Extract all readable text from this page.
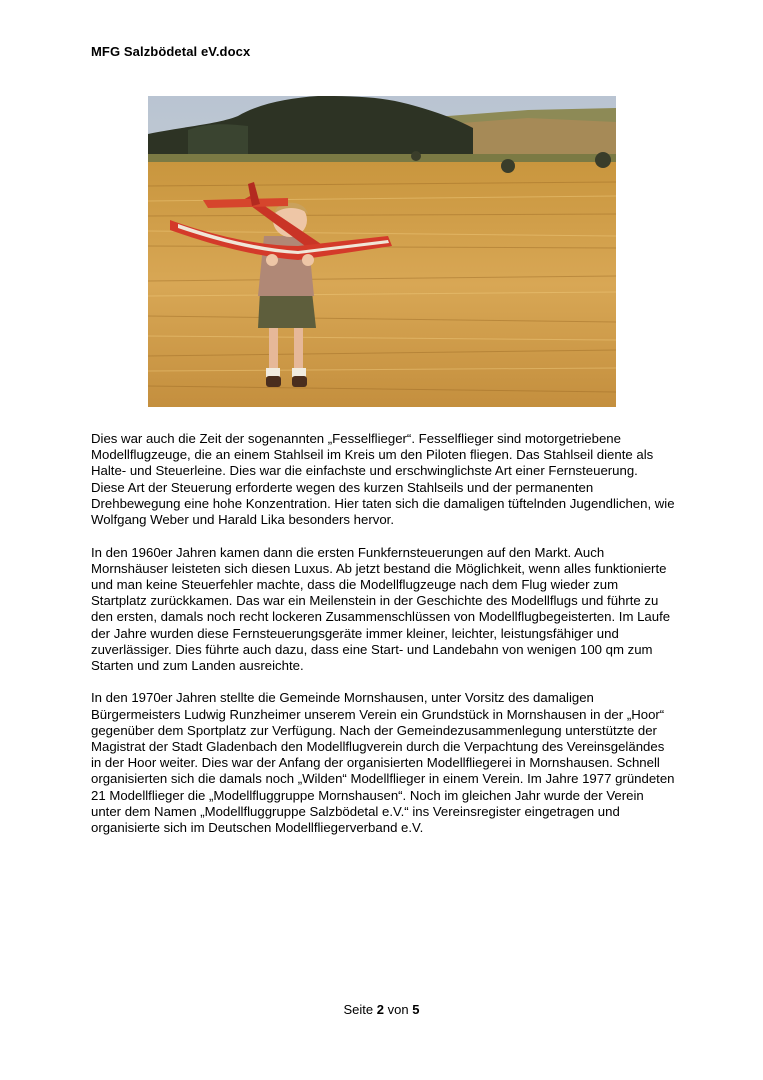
MFG Salzbödetal eV.docx

Dies war auch die Zeit der sogenannten „Fesselflieger“. Fesselflieger sind motorgetriebene Modellflugzeuge, die an einem Stahlseil im Kreis um den Piloten fliegen. Das Stahlseil diente als Halte- und Steuerleine. Dies war die einfachste und erschwinglichste Art einer Fernsteuerung. Diese Art der Steuerung erforderte wegen des kurzen Stahlseils und der permanenten Drehbewegung eine hohe Konzentration. Hier taten sich die damaligen tüftelnden Jugendlichen, wie Wolfgang Weber und Harald Lika besonders hervor.

In den 1960er Jahren kamen dann die ersten Funkfernsteuerungen auf den Markt. Auch Mornshäuser leisteten sich diesen Luxus. Ab jetzt bestand die Möglichkeit, wenn alles funktionierte und man keine Steuerfehler machte, dass die Modellflugzeuge nach dem Flug wieder zum Startplatz zurückkamen. Das war ein Meilenstein in der Geschichte des Modellflugs und führte zu den ersten, damals noch recht lockeren Zusammenschlüssen von Modellflugbegeisterten. Im Laufe der Jahre wurden diese Fernsteuerungsgeräte immer kleiner, leichter, leistungsfähiger und zuverlässiger. Dies führte auch dazu, dass eine Start- und Landebahn von wenigen 100 qm zum Starten und zum Landen ausreichte.

In den 1970er Jahren stellte die Gemeinde Mornshausen, unter Vorsitz des damaligen Bürgermeisters Ludwig Runzheimer unserem Verein ein Grundstück in Mornshausen in der „Hoor“ gegenüber dem Sportplatz zur Verfügung. Nach der Gemeindezusammenlegung unterstützte der Magistrat der Stadt Gladenbach den Modellflugverein durch die Verpachtung des Vereinsgeländes in der Hoor weiter. Dies war der Anfang der organisierten Modellfliegerei in Mornshausen. Schnell organisierten sich die damals noch „Wilden“ Modellflieger in einem Verein. Im Jahre 1977 gründeten 21 Modellflieger die „Modellfluggruppe Mornshausen“. Noch im gleichen Jahr wurde der Verein unter dem Namen „Modellfluggruppe Salzbödetal e.V.“ ins Vereinsregister eingetragen und organisierte sich im Deutschen Modellfliegerverband e.V.

Seite 2 von 5
